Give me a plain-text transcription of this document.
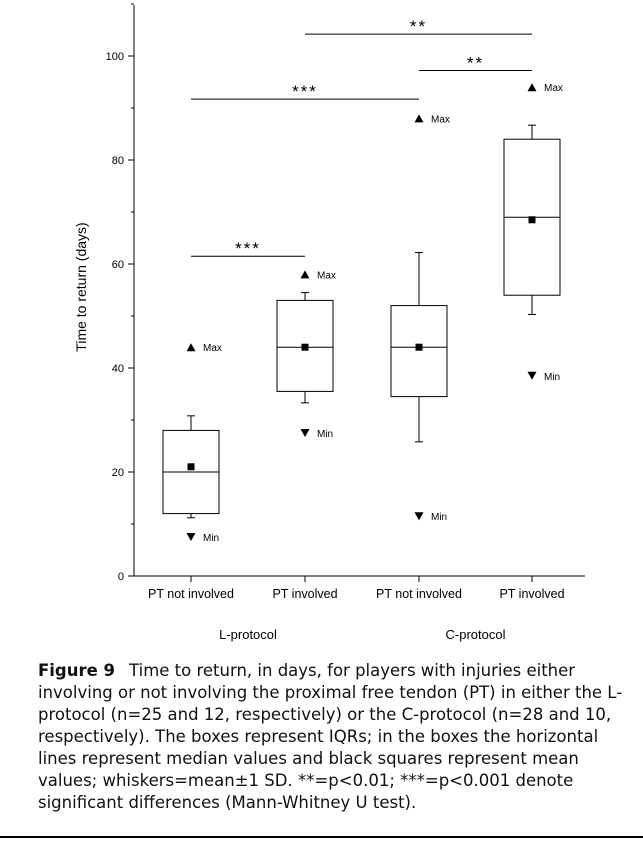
0
20
40
60
80
100
PT not involved	PT involved	PT not involved	PT involved
L-protocol	C-protocol
Max
Min
Max
Min
Max
Min
Max
Min
***
***
**
**
Time to return (days)
Figure 9 Time to return, in days, for players with injuries either involving or not involving the proximal free tendon (PT) in either the L-protocol (n=25 and 12, respectively) or the C-protocol (n=28 and 10, respectively). The boxes represent IQRs; in the boxes the horizontal lines represent median values and black squares represent mean values; whiskers=mean±1 SD. **=p<0.01; ***=p<0.001 denote significant differences (Mann-Whitney U test).
